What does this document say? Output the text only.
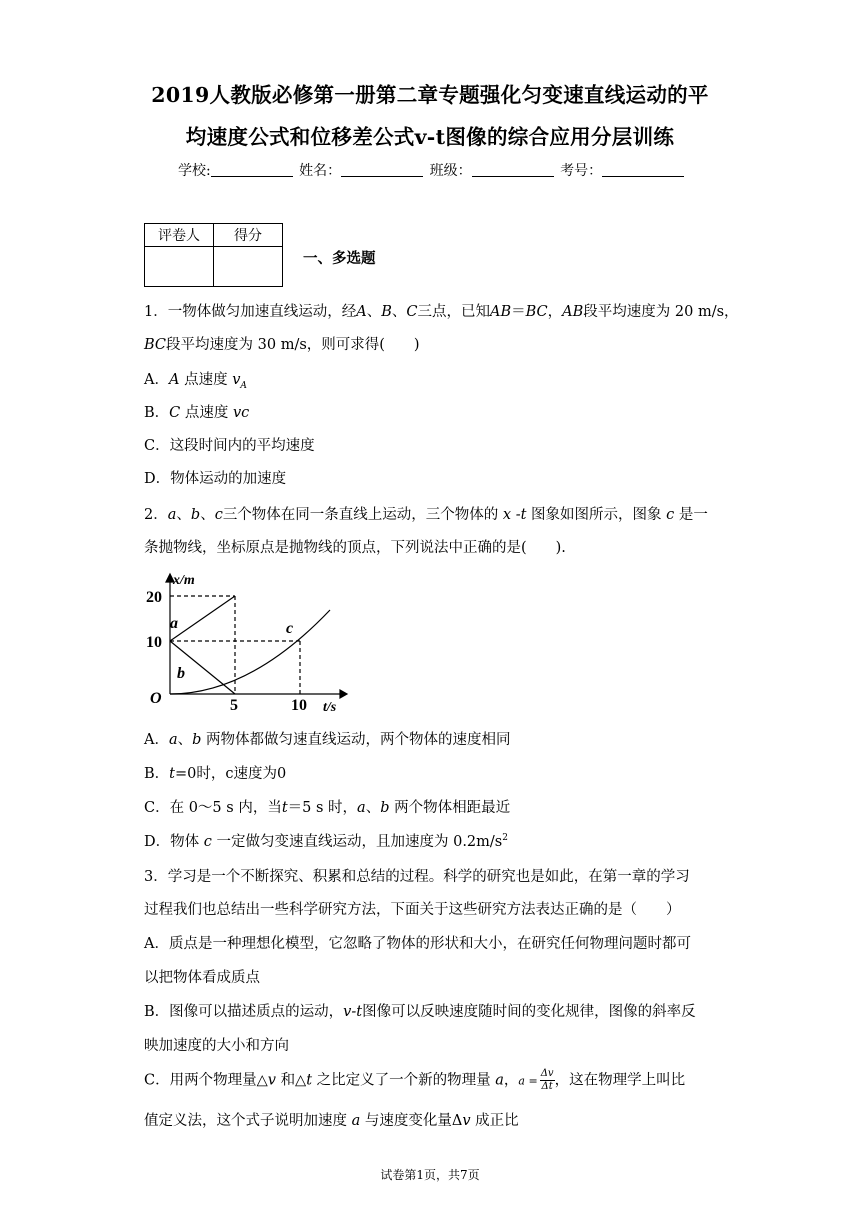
2019人教版必修第一册第二章专题强化匀变速直线运动的平
均速度公式和位移差公式v-t图像的综合应用分层训练
学校:	姓名：	班级：	考号：
评卷人	得分

一、多选题
1．一物体做匀加速直线运动，经A、B、C三点，已知AB＝BC，AB段平均速度为 20 m/s，
BC段平均速度为 30 m/s，则可求得(　　)
A．A 点速度 $v_A$
B．C 点速度 vc
C．这段时间内的平均速度
D．物体运动的加速度
2．a、b、c三个物体在同一条直线上运动，三个物体的 x -t 图象如图所示，图象 c 是一
条抛物线，坐标原点是抛物线的顶点，下列说法中正确的是(　　).
x/m
t/s
O
20
10
5	10
a
b
c
A．a、b 两物体都做匀速直线运动，两个物体的速度相同
B．t=0时，c速度为0
C．在 0～5 s 内，当t＝5 s 时，a、b 两个物体相距最近
D．物体 c 一定做匀变速直线运动，且加速度为 $0.2m/s^2$
3．学习是一个不断探究、积累和总结的过程。科学的研究也是如此，在第一章的学习
过程我们也总结出一些科学研究方法，下面关于这些研究方法表达正确的是（　　）
A．质点是一种理想化模型，它忽略了物体的形状和大小，在研究任何物理问题时都可
以把物体看成质点
B．图像可以描述质点的运动，v-t图像可以反映速度随时间的变化规律，图像的斜率反
映加速度的大小和方向
C．用两个物理量△v 和△t 之比定义了一个新的物理量 a，$a = \frac{\Delta v}{\Delta t}$ ，这在物理学上叫比
值定义法，这个式子说明加速度 a 与速度变化量Δv 成正比
试卷第1页，共7页
